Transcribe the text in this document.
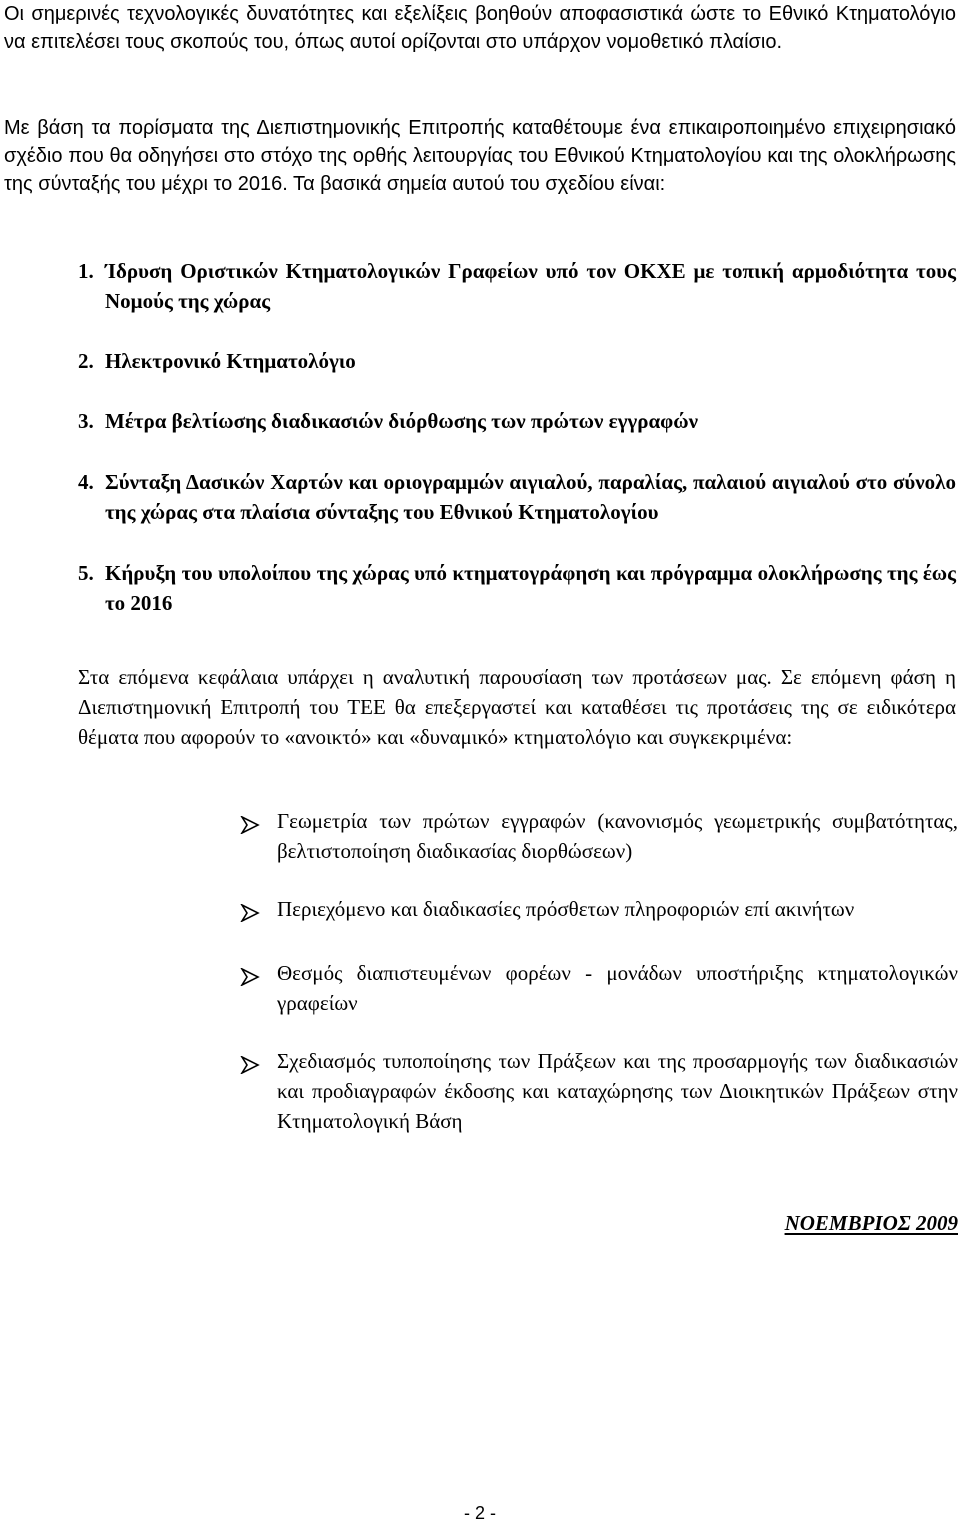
Οι σημερινές τεχνολογικές δυνατότητες και εξελίξεις βοηθούν αποφασιστικά ώστε το Εθνικό Κτηματολόγιο να επιτελέσει τους σκοπούς του, όπως αυτοί ορίζονται στο υπάρχον νομοθετικό πλαίσιο.
Με βάση τα πορίσματα της Διεπιστημονικής Επιτροπής καταθέτουμε ένα επικαιροποιημένο επιχειρησιακό σχέδιο που θα οδηγήσει στο στόχο της ορθής λειτουργίας του Εθνικού Κτηματολογίου και της ολοκλήρωσης της σύνταξής του μέχρι το 2016. Τα βασικά σημεία αυτού του σχεδίου είναι:
1. Ίδρυση Οριστικών Κτηματολογικών Γραφείων υπό τον ΟΚΧΕ με τοπική αρμοδιότητα τους Νομούς της χώρας
2. Ηλεκτρονικό Κτηματολόγιο
3. Μέτρα βελτίωσης διαδικασιών διόρθωσης των πρώτων εγγραφών
4. Σύνταξη Δασικών Χαρτών και οριογραμμών αιγιαλού, παραλίας, παλαιού αιγιαλού στο σύνολο της χώρας στα πλαίσια σύνταξης του Εθνικού Κτηματολογίου
5. Κήρυξη του υπολοίπου της χώρας υπό κτηματογράφηση και πρόγραμμα ολοκλήρωσης της έως το 2016
Στα επόμενα κεφάλαια υπάρχει η αναλυτική παρουσίαση των προτάσεων μας. Σε επόμενη φάση η Διεπιστημονική Επιτροπή του ΤΕΕ θα επεξεργαστεί και καταθέσει τις προτάσεις της σε ειδικότερα θέματα που αφορούν το «ανοικτό» και «δυναμικό» κτηματολόγιο και συγκεκριμένα:
Γεωμετρία των πρώτων εγγραφών (κανονισμός γεωμετρικής συμβατότητας, βελτιστοποίηση διαδικασίας διορθώσεων)
Περιεχόμενο και διαδικασίες πρόσθετων πληροφοριών επί ακινήτων
Θεσμός διαπιστευμένων φορέων - μονάδων υποστήριξης κτηματολογικών γραφείων
Σχεδιασμός τυποποίησης των Πράξεων και της προσαρμογής των διαδικασιών και προδιαγραφών έκδοσης και καταχώρησης των Διοικητικών Πράξεων στην Κτηματολογική Βάση
ΝΟΕΜΒΡΙΟΣ 2009
- 2 -
